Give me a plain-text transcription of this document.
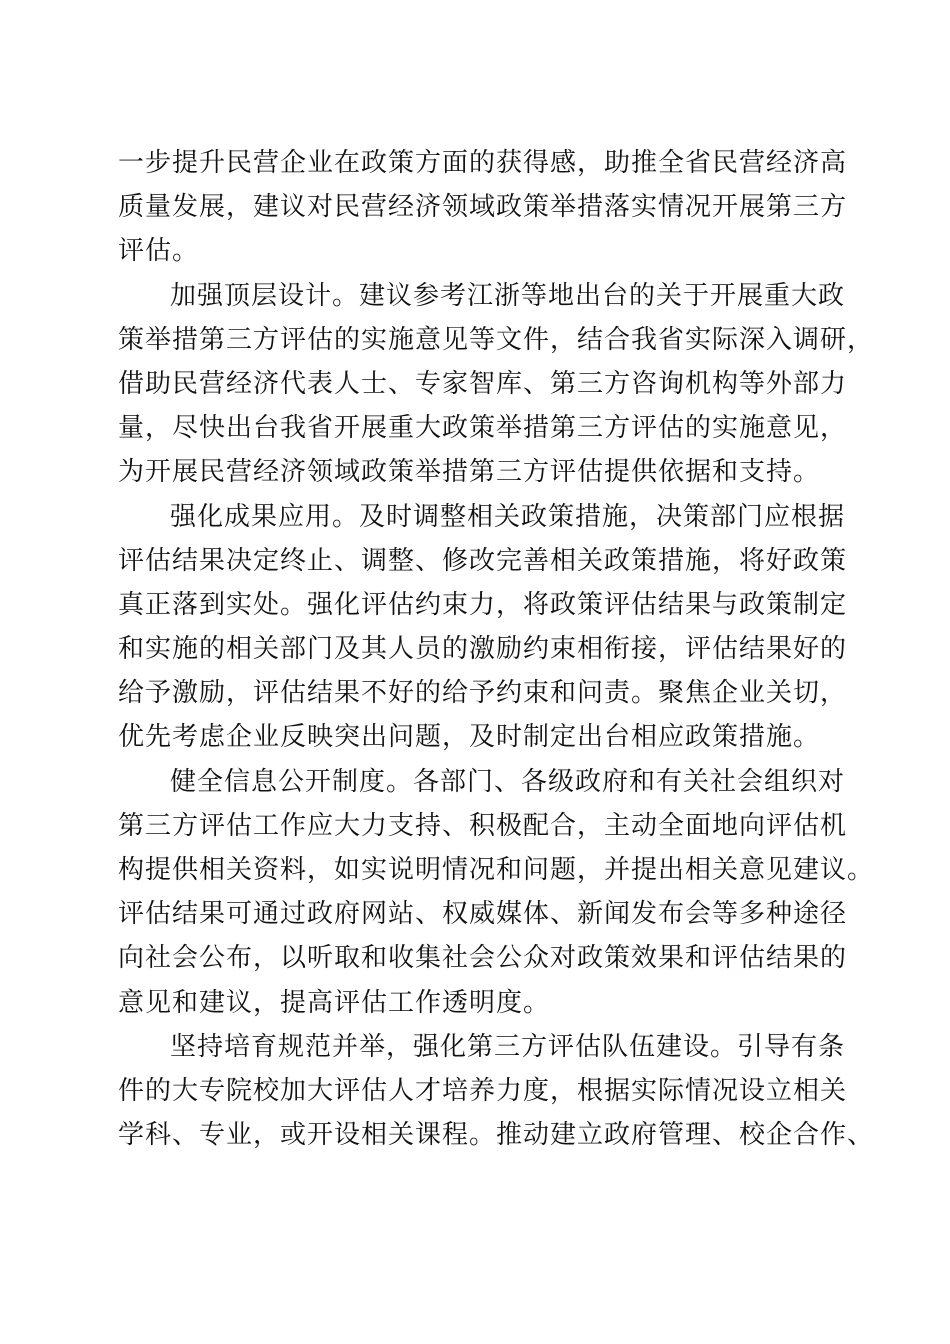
一步提升民营企业在政策方面的获得感，助推全省民营经济高
质量发展，建议对民营经济领域政策举措落实情况开展第三方
评估。
加强顶层设计。建议参考江浙等地出台的关于开展重大政
策举措第三方评估的实施意见等文件，结合我省实际深入调研，
借助民营经济代表人士、专家智库、第三方咨询机构等外部力
量，尽快出台我省开展重大政策举措第三方评估的实施意见，
为开展民营经济领域政策举措第三方评估提供依据和支持。
强化成果应用。及时调整相关政策措施，决策部门应根据
评估结果决定终止、调整、修改完善相关政策措施，将好政策
真正落到实处。强化评估约束力，将政策评估结果与政策制定
和实施的相关部门及其人员的激励约束相衔接，评估结果好的
给予激励，评估结果不好的给予约束和问责。聚焦企业关切，
优先考虑企业反映突出问题，及时制定出台相应政策措施。
健全信息公开制度。各部门、各级政府和有关社会组织对
第三方评估工作应大力支持、积极配合，主动全面地向评估机
构提供相关资料，如实说明情况和问题，并提出相关意见建议。
评估结果可通过政府网站、权威媒体、新闻发布会等多种途径
向社会公布，以听取和收集社会公众对政策效果和评估结果的
意见和建议，提高评估工作透明度。
坚持培育规范并举，强化第三方评估队伍建设。引导有条
件的大专院校加大评估人才培养力度，根据实际情况设立相关
学科、专业，或开设相关课程。推动建立政府管理、校企合作、
